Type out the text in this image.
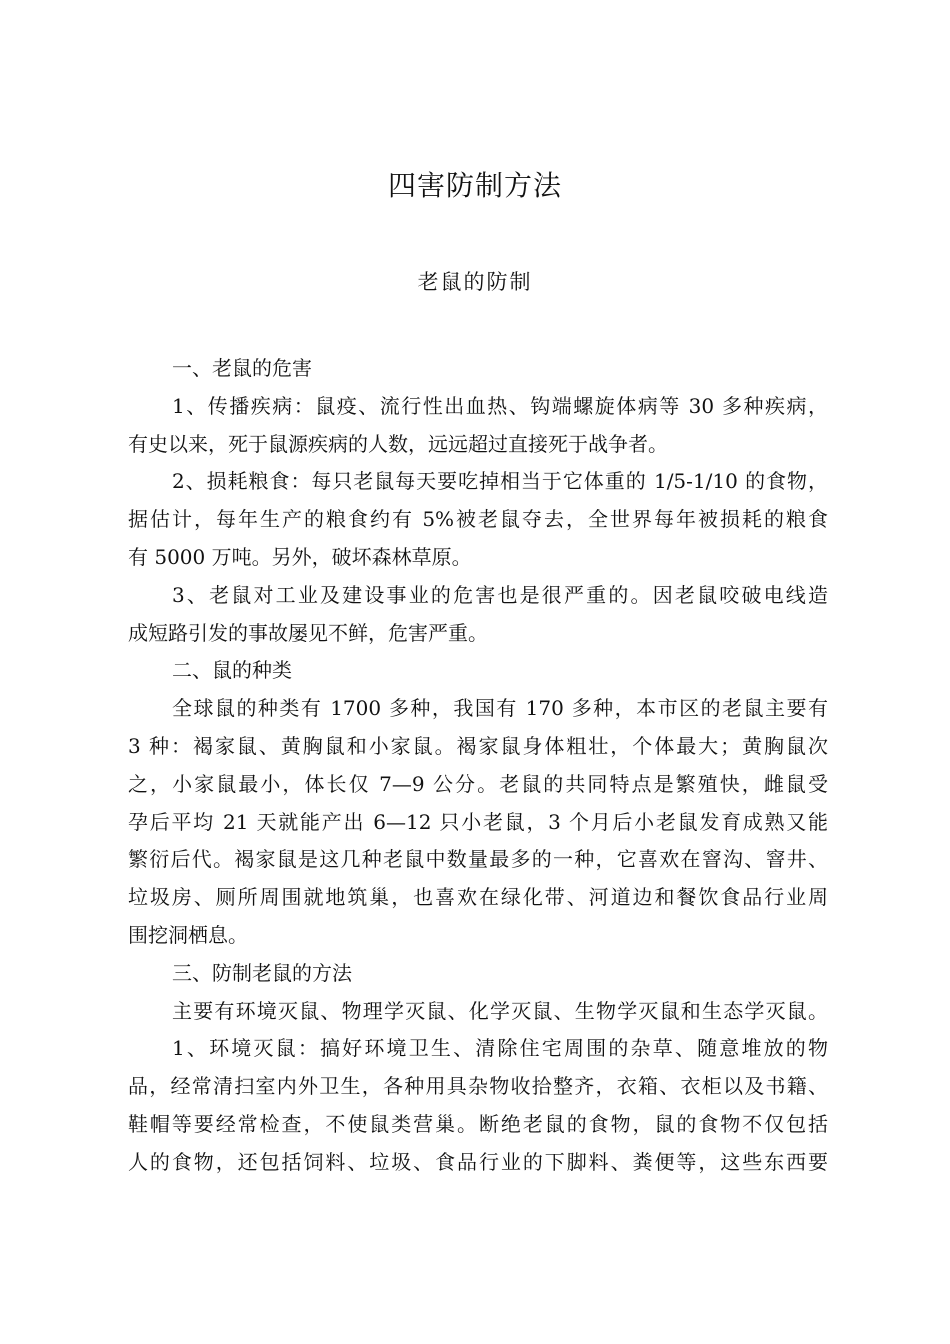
四害防制方法
老鼠的防制
一、老鼠的危害
1、传播疾病：鼠疫、流行性出血热、钩端螺旋体病等 30 多种疾病，
有史以来，死于鼠源疾病的人数，远远超过直接死于战争者。
2、损耗粮食：每只老鼠每天要吃掉相当于它体重的 1/5-1/10 的食物，
据估计，每年生产的粮食约有 5%被老鼠夺去，全世界每年被损耗的粮食
有 5000 万吨。另外，破坏森林草原。
3、老鼠对工业及建设事业的危害也是很严重的。因老鼠咬破电线造
成短路引发的事故屡见不鲜，危害严重。
二、鼠的种类
全球鼠的种类有 1700 多种，我国有 170 多种，本市区的老鼠主要有
3 种：褐家鼠、黄胸鼠和小家鼠。褐家鼠身体粗壮，个体最大；黄胸鼠次
之，小家鼠最小，体长仅 7—9 公分。老鼠的共同特点是繁殖快，雌鼠受
孕后平均 21 天就能产出 6—12 只小老鼠，3 个月后小老鼠发育成熟又能
繁衍后代。褐家鼠是这几种老鼠中数量最多的一种，它喜欢在窨沟、窨井、
垃圾房、厕所周围就地筑巢，也喜欢在绿化带、河道边和餐饮食品行业周
围挖洞栖息。
三、防制老鼠的方法
主要有环境灭鼠、物理学灭鼠、化学灭鼠、生物学灭鼠和生态学灭鼠。
1、环境灭鼠：搞好环境卫生、清除住宅周围的杂草、随意堆放的物
品，经常清扫室内外卫生，各种用具杂物收拾整齐，衣箱、衣柜以及书籍、
鞋帽等要经常检查，不使鼠类营巢。断绝老鼠的食物，鼠的食物不仅包括
人的食物，还包括饲料、垃圾、食品行业的下脚料、粪便等，这些东西要
